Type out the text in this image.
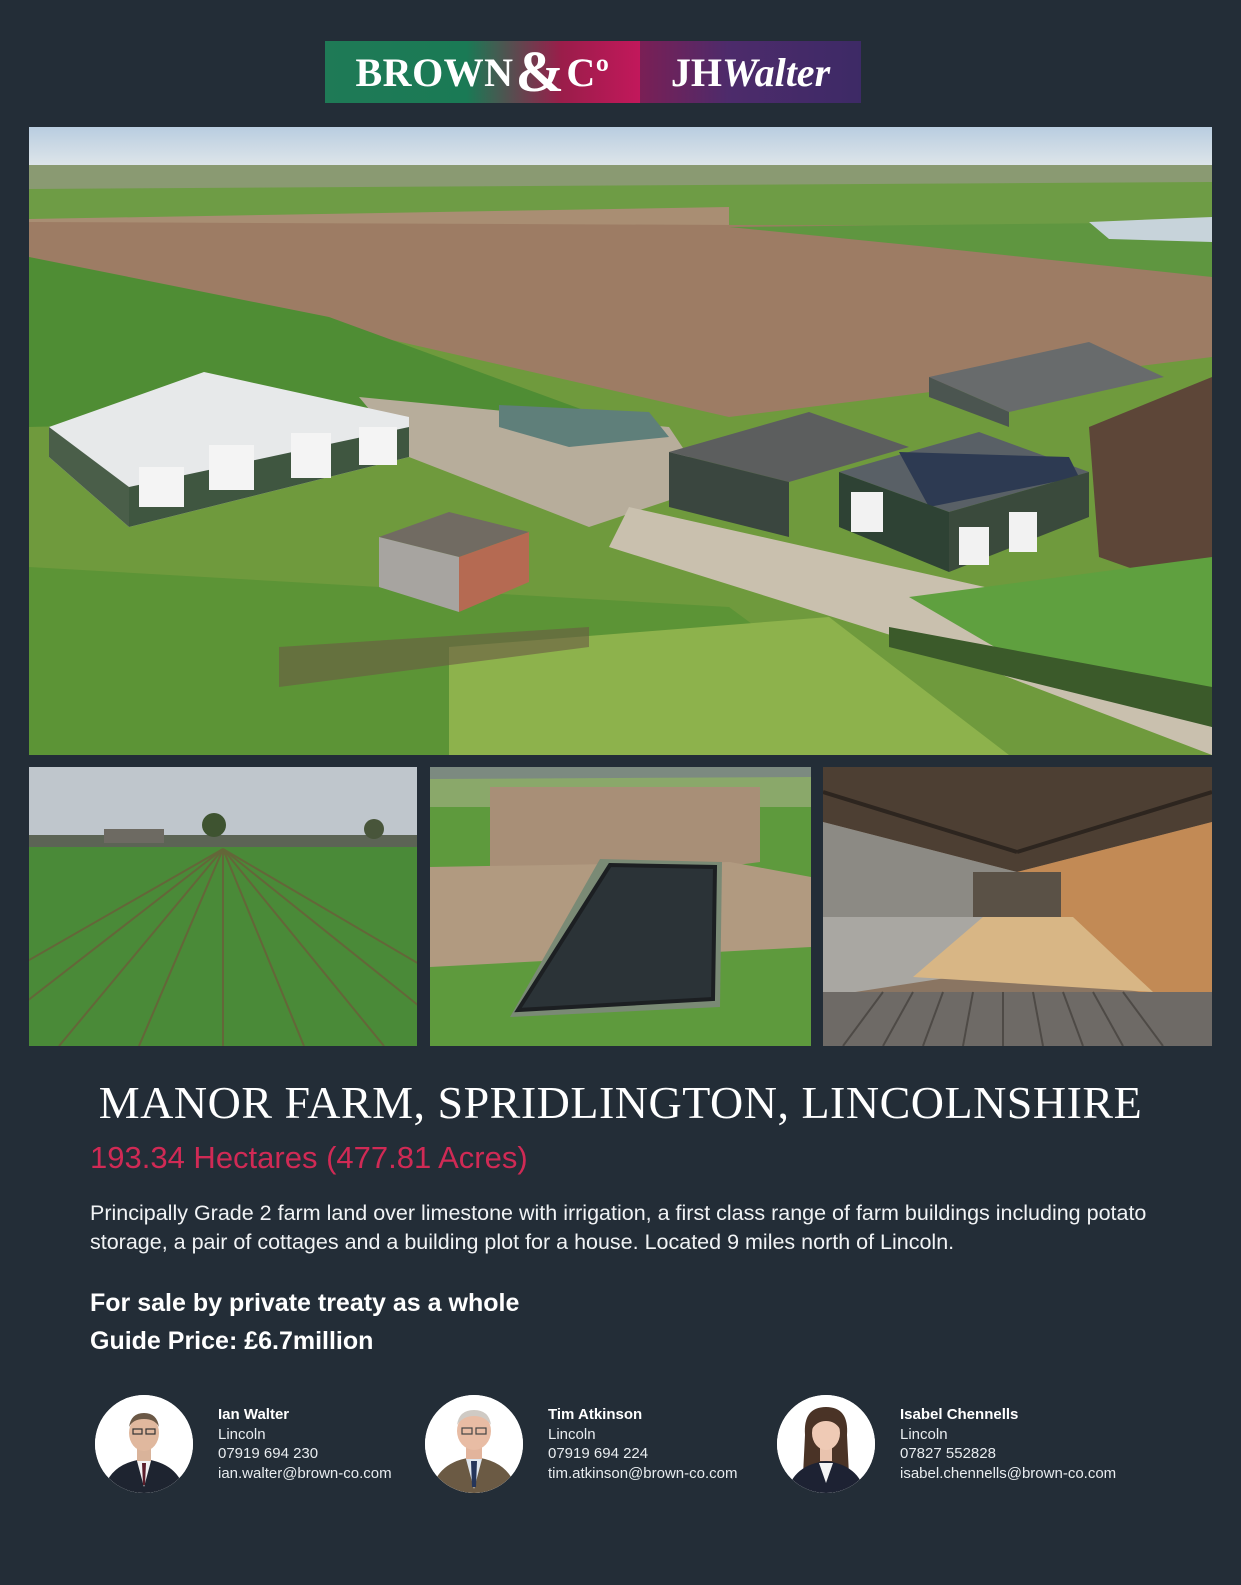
BROWN & Cº JH Walter
MANOR FARM, SPRIDLINGTON, LINCOLNSHIRE
193.34 Hectares (477.81 Acres)

Principally Grade 2 farm land over limestone with irrigation, a first class range of farm buildings including potato storage, a pair of cottages and a building plot for a house. Located 9 miles north of Lincoln.

For sale by private treaty as a whole
Guide Price: £6.7million
Ian Walter
Lincoln
07919 694 230
ian.walter@brown-co.com
Tim Atkinson
Lincoln
07919 694 224
tim.atkinson@brown-co.com
Isabel Chennells
Lincoln
07827 552828
isabel.chennells@brown-co.com
